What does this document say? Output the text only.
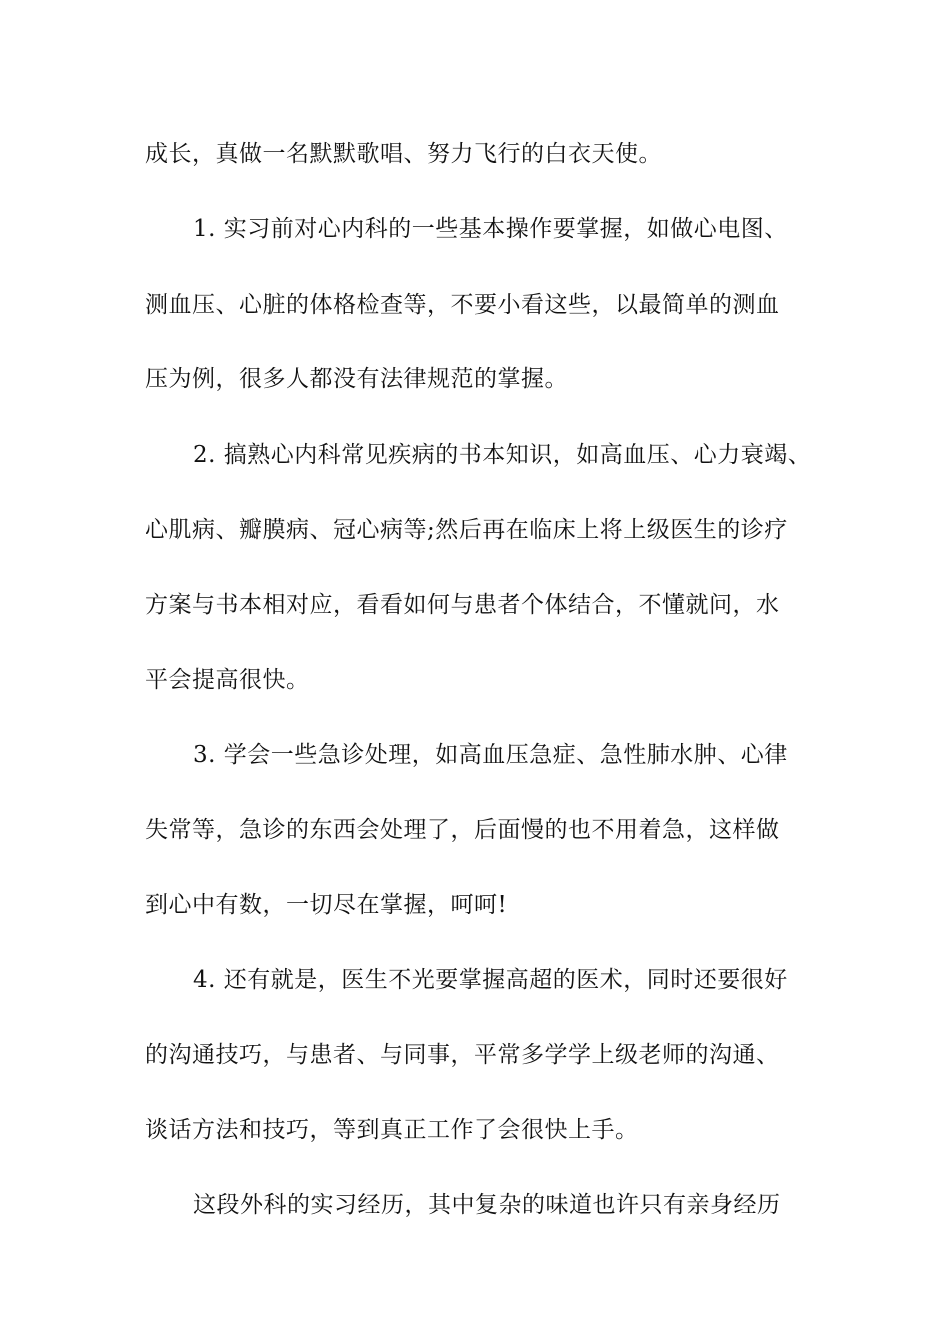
成长，真做一名默默歌唱、努力飞行的白衣天使。
1. 实习前对心内科的一些基本操作要掌握，如做心电图、
测血压、心脏的体格检查等，不要小看这些，以最简单的测血
压为例，很多人都没有法律规范的掌握。
2. 搞熟心内科常见疾病的书本知识，如高血压、心力衰竭、
心肌病、瓣膜病、冠心病等;然后再在临床上将上级医生的诊疗
方案与书本相对应，看看如何与患者个体结合，不懂就问，水
平会提高很快。
3. 学会一些急诊处理，如高血压急症、急性肺水肿、心律
失常等，急诊的东西会处理了，后面慢的也不用着急，这样做
到心中有数，一切尽在掌握，呵呵!
4. 还有就是，医生不光要掌握高超的医术，同时还要很好
的沟通技巧，与患者、与同事，平常多学学上级老师的沟通、
谈话方法和技巧，等到真正工作了会很快上手。
这段外科的实习经历，其中复杂的味道也许只有亲身经历
